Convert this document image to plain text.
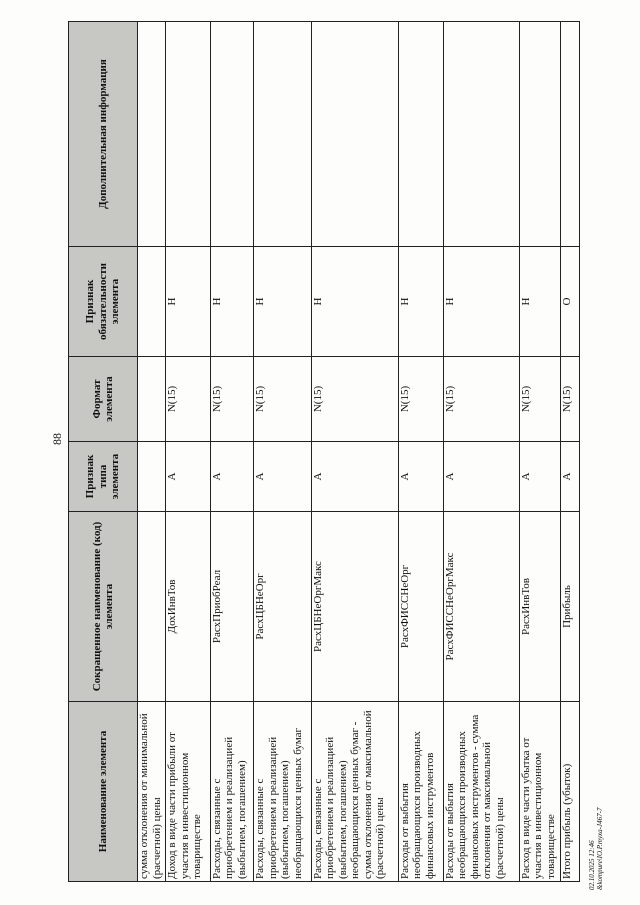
88
Наименование элемента	Сокращенное наименование (код) элемента	Признак типа элемента	Формат элемента	Признак обязательности элемента	Дополнительная информация
сумма отклонения от минимальной (расчетной) цены					
Доход в виде части прибыли от участия в инвестиционном товариществе	ДохИнвТов	А	N(15)	Н	
Расходы, связанные с приобретением и реализацией (выбытием, погашением)	РасхПриобРеал	А	N(15)	Н	
Расходы, связанные с приобретением и реализацией (выбытием, погашением) необращающихся ценных бумаг	РасхЦБНеОрг	А	N(15)	Н	
Расходы, связанные с приобретением и реализацией (выбытием, погашением) необращающихся ценных бумаг - сумма отклонения от максимальной (расчетной) цены	РасхЦБНеОргМакс	А	N(15)	Н	
Расходы от выбытия необращающихся производных финансовых инструментов	РасхФИССНеОрг	А	N(15)	Н	
Расходы от выбытия необращающихся производных финансовых инструментов - сумма отклонения от максимальной (расчетной) цены	РасхФИССНеОргМакс	А	N(15)	Н	
Расход в виде части убытка от участия в инвестиционном товариществе	РасхИнвТов	А	N(15)	Н	
Итого прибыль (убыток)	Прибыль	А	N(15)	О	
02.10.2025 12:46 &kompure\IO.P.myxa-J467-7
